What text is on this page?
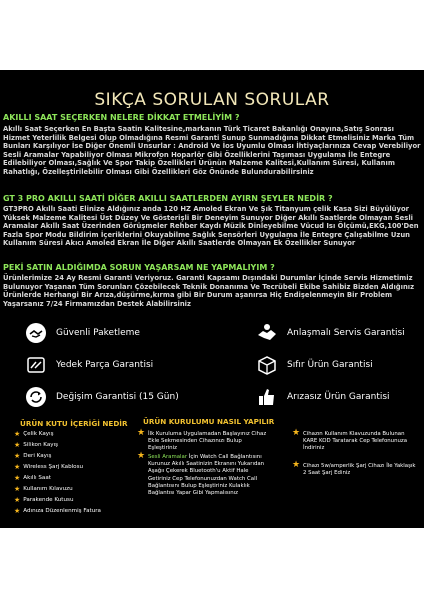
SIKÇA SORULAN SORULAR
AKILLI SAAT SEÇERKEN NELERE DİKKAT ETMELİYİM ?
Akıllı Saat Seçerken En Başta Saatin Kalitesine,markanın Türk Ticaret Bakanlığı Onayına,Satış Sonrası Hizmet Yeterlilik Belgesi Olup Olmadığına Resmi Garanti Sunup Sunmadığına Dikkat Etmelisiniz Marka Tüm Bunları Karşılıyor İse Diğer Önemli Unsurlar : Android Ve İos Uyumlu Olması İhtiyaçlarınıza Cevap Verebiliyor Sesli Aramalar Yapabiliyor Olması Mikrofon Hoparlör Gibi Özelliklerini Taşıması Uygulama İle Entegre Edilebiliyor Olması,Sağlık Ve Spor Takip Özellikleri Ürünün Malzeme Kalitesi,Kullanım Süresi, Kullanım Rahatlığı, Özelleştirilebilir Olması Gibi Özellikleri Göz Önünde Bulundurabilirsiniz
GT 3 PRO AKILLI SAATİ DİĞER AKILLI SAATLERDEN AYIRN ŞEYLER NEDİR ?
GT3PRO Akıllı Saati Elinize Aldığınız anda 120 HZ Amoled Ekran Ve Şık Titanyum çelik Kasa Sizi Büyülüyor Yüksek Malzeme Kalitesi Üst Düzey Ve Gösterişli Bir Deneyim Sunuyor Diğer Akıllı Saatlerde Olmayan Sesli Aramalar Akıllı Saat Üzerinden Görüşmeler Rehber Kaydı Müzik Dinleyebilme Vücud Isı Ölçümü,EKG,100'Den Fazla Spor Modu Bildirim İçeriklerini Okuyabilme Sağlık Sensörleri Uygulama İle Entegre Çalışabilme Uzun Kullanım Süresi Akıcı Amoled Ekran İle Diğer Akıllı Saatlerde Olmayan Ek Özellikler Sunuyor
PEKİ SATIN ALDIĞIMDA SORUN YAŞARSAM NE YAPMALIYIM ?
Ürünlerimize 24 Ay Resmi Garanti Veriyoruz. Garanti Kapsamı Dışındaki Durumlar İçinde Servis Hizmetimiz Bulunuyor Yaşanan Tüm Sorunları Çözebilecek Teknik Donanıma Ve Tecrübeli Ekibe Sahibiz Bizden Aldığınız Ürünlerde Herhangi Bir Arıza,düşürme,kırma gibi Bir Durum aşanırsa Hiç Endişelenmeyin Bir Problem Yaşarsanız 7/24 Firmamızdan Destek Alabilirsiniz
Güvenli Paketleme	Anlaşmalı Servis Garantisi
Yedek Parça Garantisi	Sıfır Ürün Garantisi
Değişim Garantisi (15 Gün)	Arızasız Ürün Garantisi
ÜRÜN KUTU İÇERİĞİ NEDİR
★ Çelik Kayış
★ Silikon Kayış
★ Deri Kayış
★ Wireless Şarj Kablosu
★ Akıllı Saat
★ Kullanım Kılavuzu
★ Parakende Kutusu
★ Adınıza Düzenlenmiş Fatura
ÜRÜN KURULUMU NASIL YAPILIR
★ İlk Kuruluma Uygulamadan Başlayınız Cihaz Ekle Sekmesinden Cihazınızı Bulup Eşleştiriniz
★ Sesli Aramalar İçin Watch Call Bağlantısını Kurunuz Akıllı Saatinizin Ekranını Yukarıdan Aşağıı Çekerek Bluetooth'u Aktif Hale Getiriniz Cep Telefonunuzdan Watch Call Bağlantısını Bulup Eşleştiriniz Kulaklık Bağlantısı Yapar Gibi Yapmalısınız
★ Cihazın Kullanım Klavuzunda Bulunan KARE KOD Taratarak Cep Telefonunuza İndiriniz
★ Cihazı 5w/amperlik Şarj Cihazı İle Yaklaşık 2 Saat Şarj Ediniz
